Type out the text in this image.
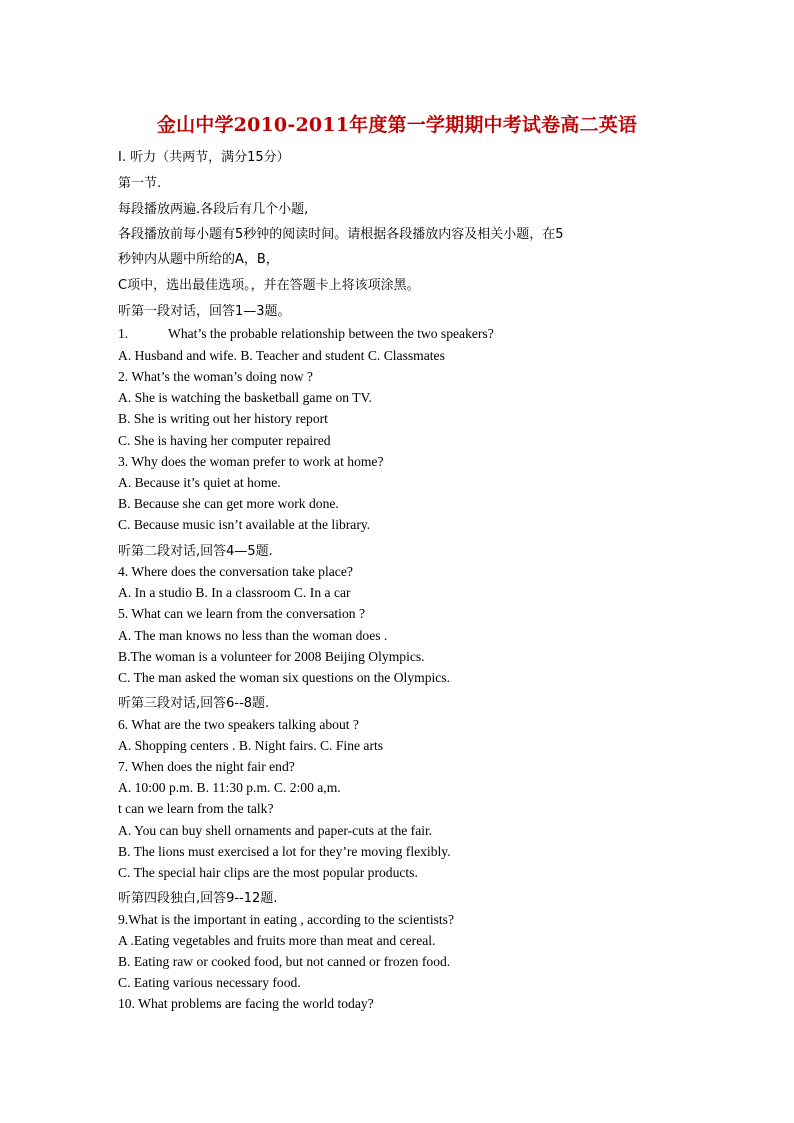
金山中学2010-2011年度第一学期期中考试卷高二英语
I. 听力（共两节，满分15分）
第一节.
每段播放两遍.各段后有几个小题,
各段播放前每小题有5秒钟的阅读时间。请根据各段播放内容及相关小题，在5
秒钟内从题中所给的A，B，
C项中，选出最佳选项。，并在答题卡上将该项涂黑。
听第一段对话，回答1—3题。
1.	What’s the probable relationship between the two speakers?
A. Husband and wife. B. Teacher and student C. Classmates
2. What’s the woman’s doing now ?
A. She is watching the basketball game on TV.
B. She is writing out her history report
C. She is having her computer repaired
3. Why does the woman prefer to work at home?
A. Because it’s quiet at home.
B. Because she can get more work done.
C. Because music isn’t available at the library.
听第二段对话,回答4—5题.
4. Where does the conversation take place?
A. In a studio B. In a classroom C. In a car
5. What can we learn from the conversation ?
A. The man knows no less than the woman does .
B.The woman is a volunteer for 2008 Beijing Olympics.
C. The man asked the woman six questions on the Olympics.
听第三段对话,回答6--8题.
6. What are the two speakers talking about ?
A. Shopping centers . B. Night fairs. C. Fine arts
7. When does the night fair end?
A. 10:00 p.m. B. 11:30 p.m. C. 2:00 a,m.
t can we learn from the talk?
A. You can buy shell ornaments and paper-cuts at the fair.
B. The lions must exercised a lot for they’re moving flexibly.
C. The special hair clips are the most popular products.
听第四段独白,回答9--12题.
9.What is the important in eating , according to the scientists?
A .Eating vegetables and fruits more than meat and cereal.
B. Eating raw or cooked food, but not canned or frozen food.
C. Eating various necessary food.
10. What problems are facing the world today?
